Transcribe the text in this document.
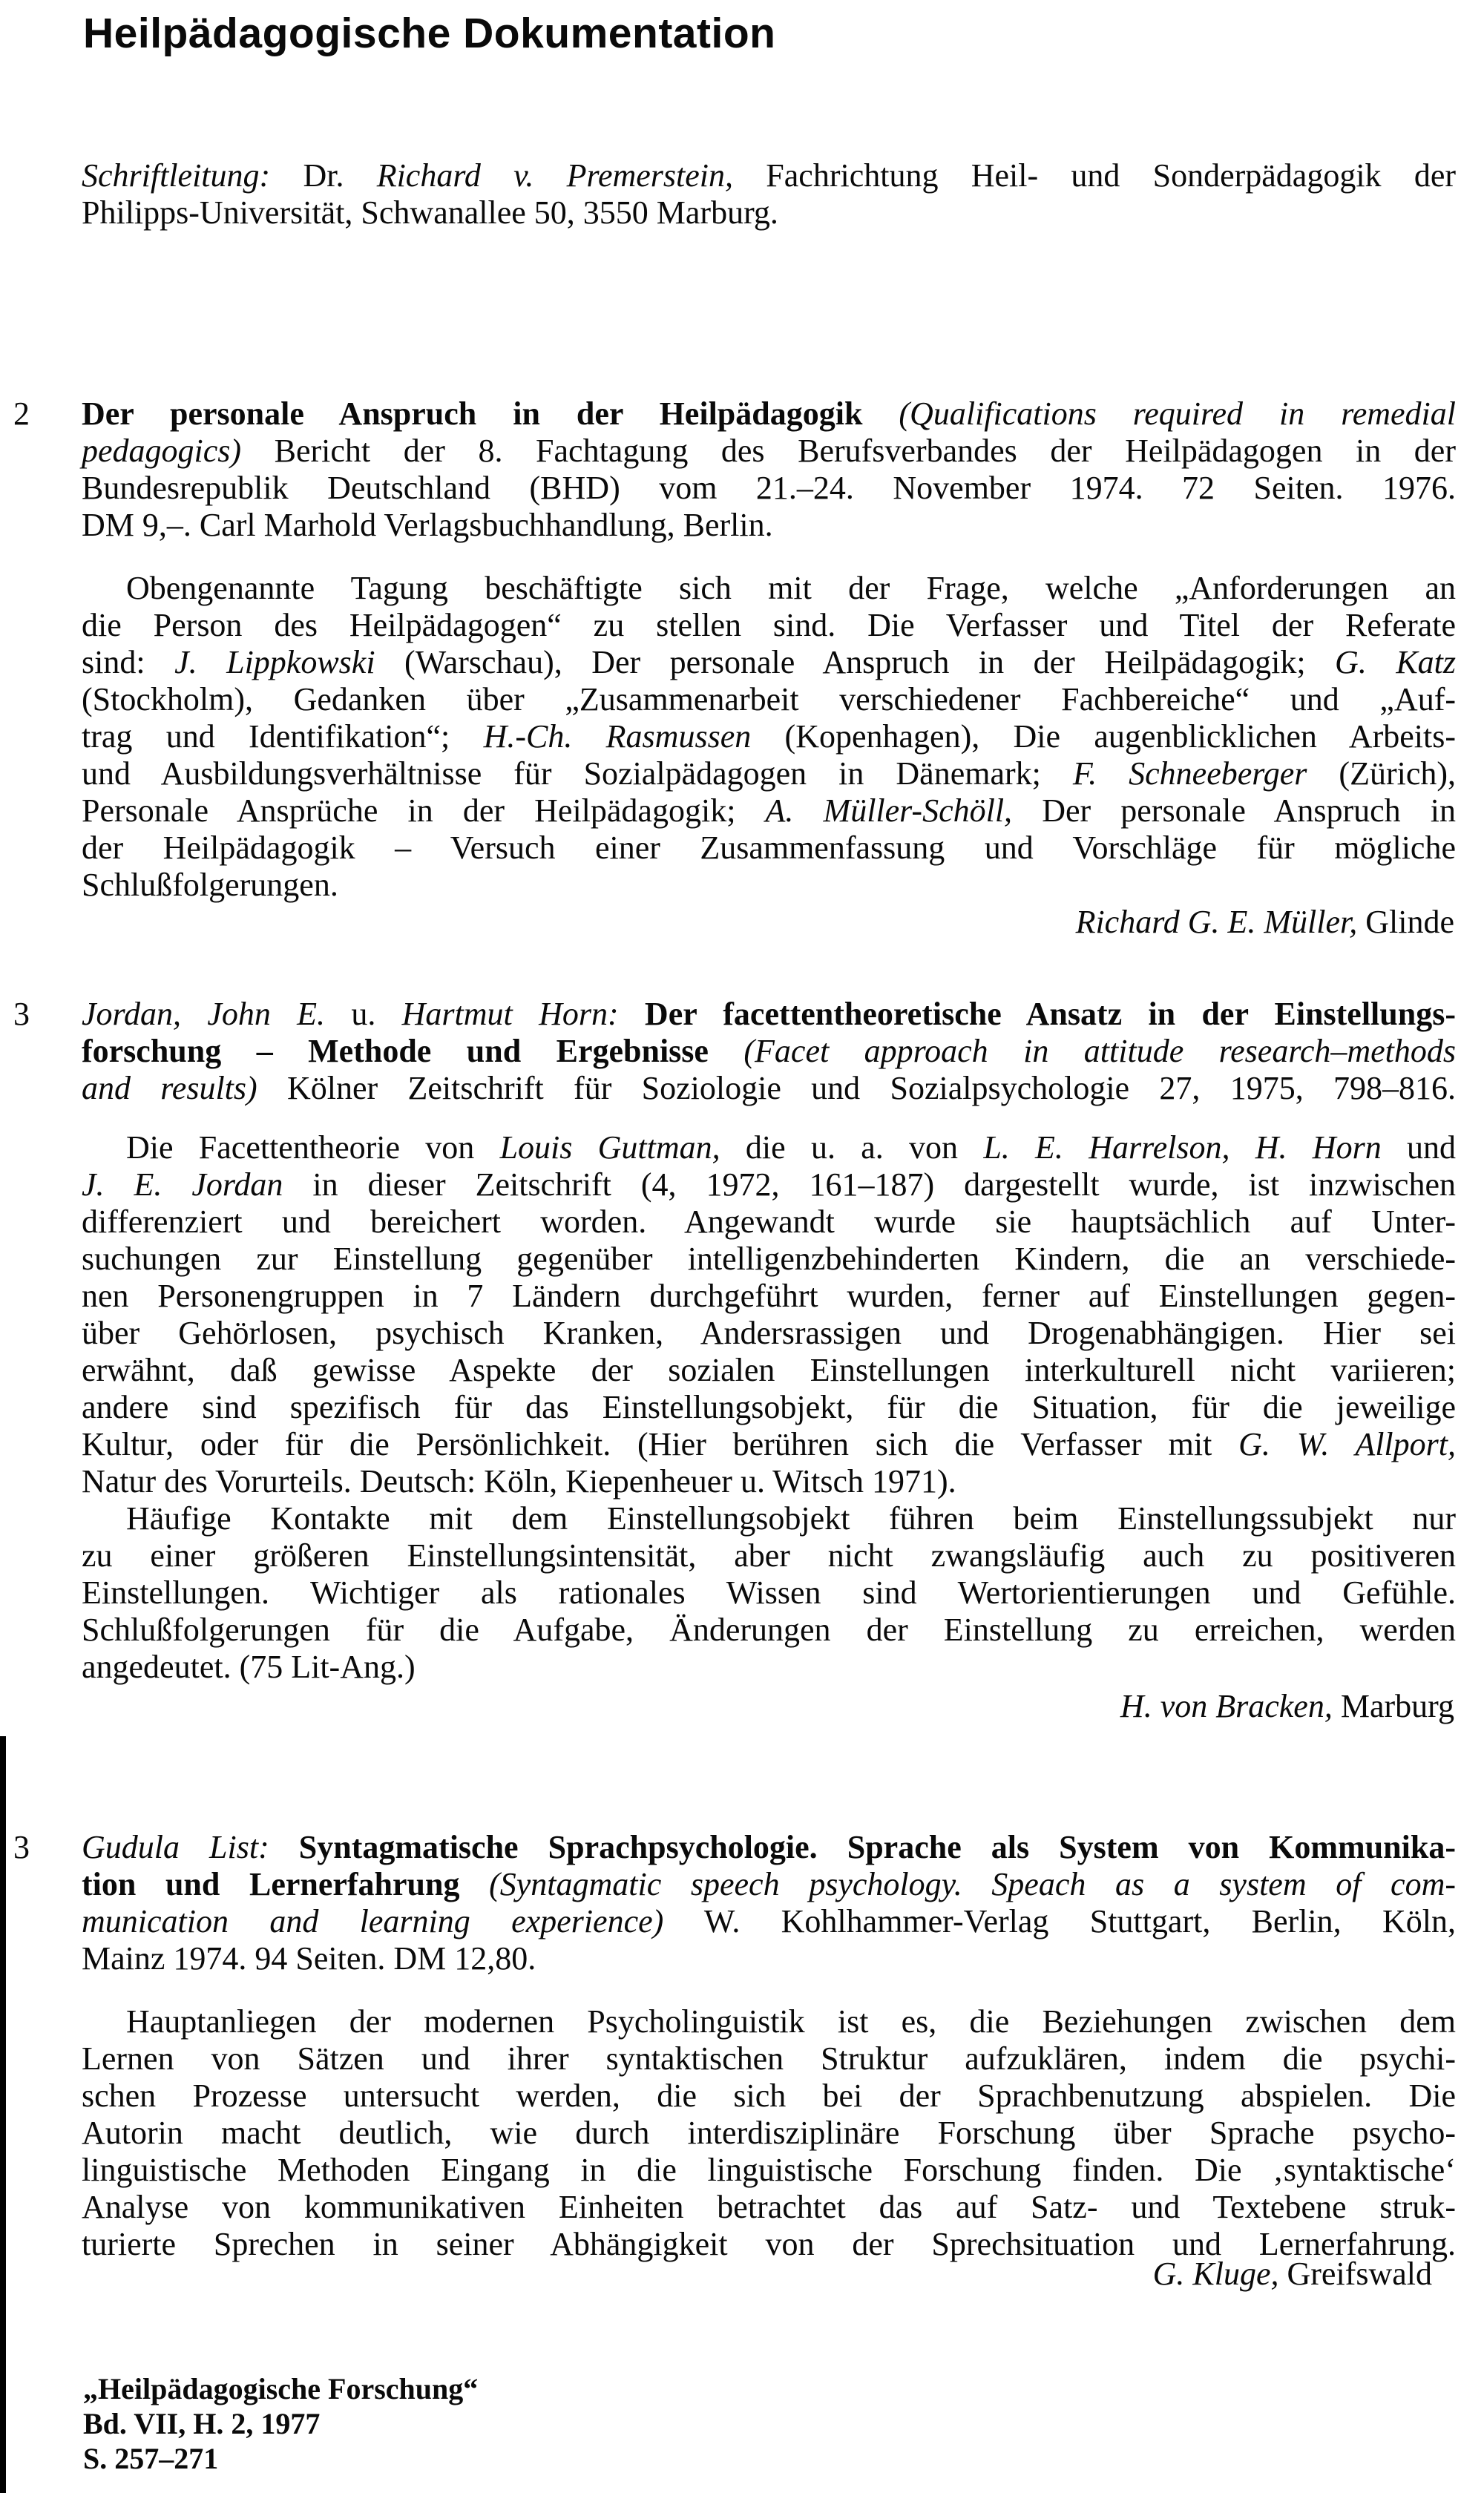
Heilpädagogische Dokumentation
Schriftleitung: Dr. Richard v. Premerstein, Fachrichtung Heil- und Sonderpädagogik der
Philipps-Universität, Schwanallee 50, 3550 Marburg.
2 Der personale Anspruch in der Heilpädagogik (Qualifications required in remedial
pedagogics) Bericht der 8. Fachtagung des Berufsverbandes der Heilpädagogen in der
Bundesrepublik Deutschland (BHD) vom 21.–24. November 1974. 72 Seiten. 1976.
DM 9,–. Carl Marhold Verlagsbuchhandlung, Berlin.
Obengenannte Tagung beschäftigte sich mit der Frage, welche „Anforderungen an
die Person des Heilpädagogen“ zu stellen sind. Die Verfasser und Titel der Referate
sind: J. Lippkowski (Warschau), Der personale Anspruch in der Heilpädagogik; G. Katz
(Stockholm), Gedanken über „Zusammenarbeit verschiedener Fachbereiche“ und „Auf-
trag und Identifikation“; H.-Ch. Rasmussen (Kopenhagen), Die augenblicklichen Arbeits-
und Ausbildungsverhältnisse für Sozialpädagogen in Dänemark; F. Schneeberger (Zürich),
Personale Ansprüche in der Heilpädagogik; A. Müller-Schöll, Der personale Anspruch in
der Heilpädagogik – Versuch einer Zusammenfassung und Vorschläge für mögliche
Schlußfolgerungen.
Richard G. E. Müller, Glinde
3 Jordan, John E. u. Hartmut Horn: Der facettentheoretische Ansatz in der Einstellungs-
forschung – Methode und Ergebnisse (Facet approach in attitude research–methods
and results) Kölner Zeitschrift für Soziologie und Sozialpsychologie 27, 1975, 798–816.
Die Facettentheorie von Louis Guttman, die u. a. von L. E. Harrelson, H. Horn und
J. E. Jordan in dieser Zeitschrift (4, 1972, 161–187) dargestellt wurde, ist inzwischen
differenziert und bereichert worden. Angewandt wurde sie hauptsächlich auf Unter-
suchungen zur Einstellung gegenüber intelligenzbehinderten Kindern, die an verschiede-
nen Personengruppen in 7 Ländern durchgeführt wurden, ferner auf Einstellungen gegen-
über Gehörlosen, psychisch Kranken, Andersrassigen und Drogenabhängigen. Hier sei
erwähnt, daß gewisse Aspekte der sozialen Einstellungen interkulturell nicht variieren;
andere sind spezifisch für das Einstellungsobjekt, für die Situation, für die jeweilige
Kultur, oder für die Persönlichkeit. (Hier berühren sich die Verfasser mit G. W. Allport,
Natur des Vorurteils. Deutsch: Köln, Kiepenheuer u. Witsch 1971).
Häufige Kontakte mit dem Einstellungsobjekt führen beim Einstellungssubjekt nur
zu einer größeren Einstellungsintensität, aber nicht zwangsläufig auch zu positiveren
Einstellungen. Wichtiger als rationales Wissen sind Wertorientierungen und Gefühle.
Schlußfolgerungen für die Aufgabe, Änderungen der Einstellung zu erreichen, werden
angedeutet. (75 Lit-Ang.)
H. von Bracken, Marburg
3 Gudula List: Syntagmatische Sprachpsychologie. Sprache als System von Kommunika-
tion und Lernerfahrung (Syntagmatic speech psychology. Speach as a system of com-
munication and learning experience) W. Kohlhammer-Verlag Stuttgart, Berlin, Köln,
Mainz 1974. 94 Seiten. DM 12,80.
Hauptanliegen der modernen Psycholinguistik ist es, die Beziehungen zwischen dem
Lernen von Sätzen und ihrer syntaktischen Struktur aufzuklären, indem die psychi-
schen Prozesse untersucht werden, die sich bei der Sprachbenutzung abspielen. Die
Autorin macht deutlich, wie durch interdisziplinäre Forschung über Sprache psycho-
linguistische Methoden Eingang in die linguistische Forschung finden. Die ‚syntaktische‘
Analyse von kommunikativen Einheiten betrachtet das auf Satz- und Textebene struk-
turierte Sprechen in seiner Abhängigkeit von der Sprechsituation und Lernerfahrung.
G. Kluge, Greifswald
„Heilpädagogische Forschung“
Bd. VII, H. 2, 1977
S. 257–271
